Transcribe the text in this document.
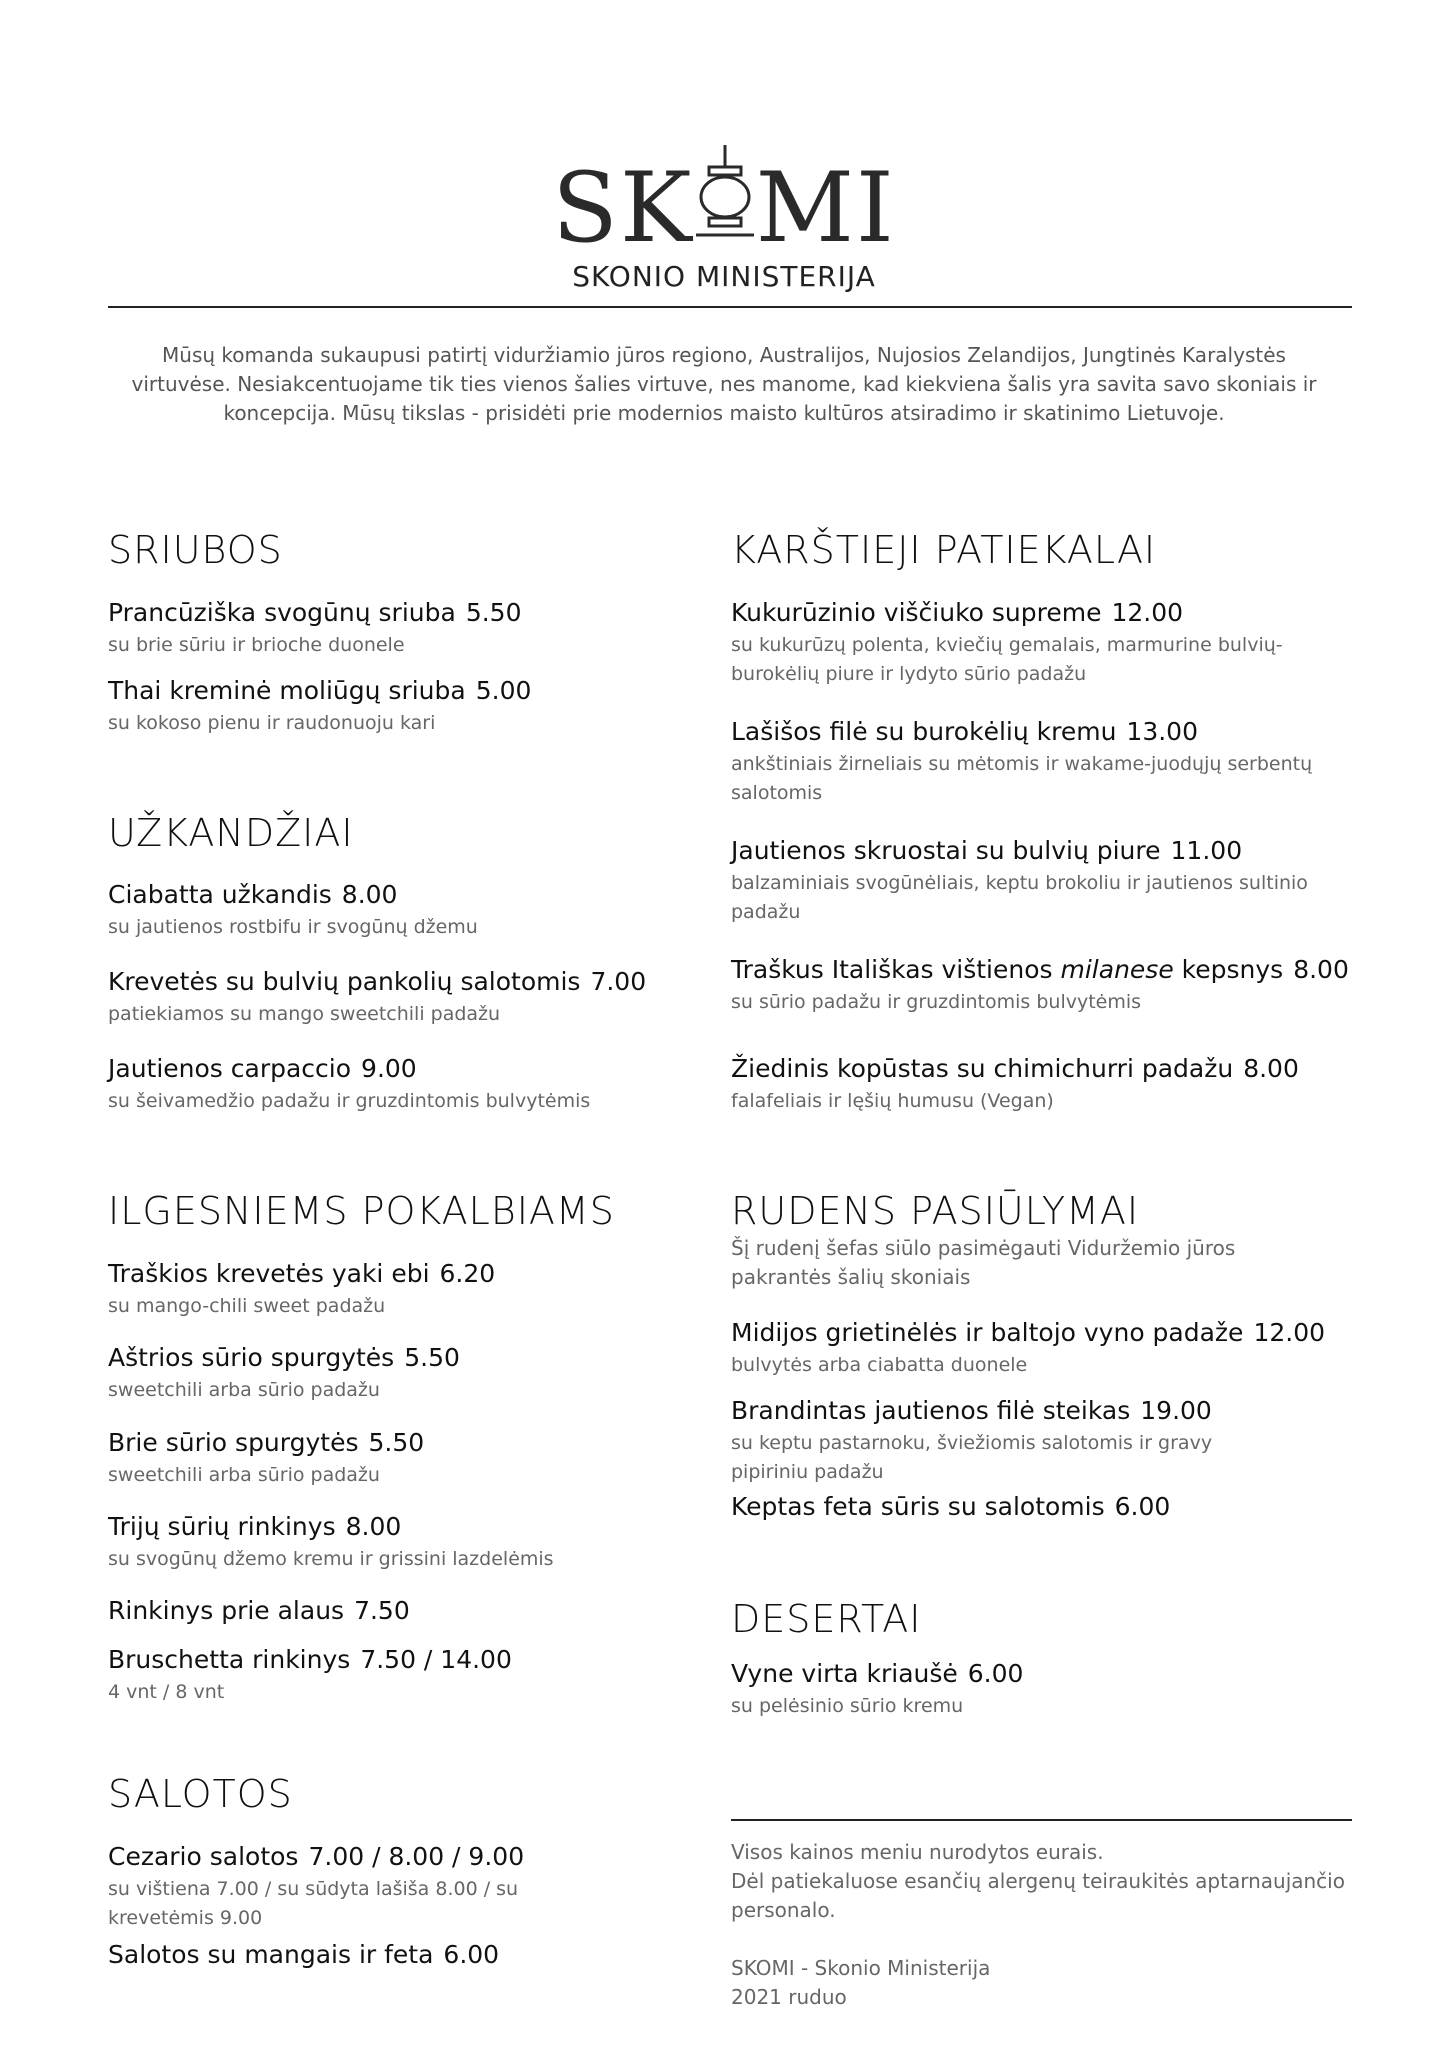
SK MI
SKONIO MINISTERIJA
Mūsų komanda sukaupusi patirtį viduržiamio jūros regiono, Australijos, Nujosios Zelandijos, Jungtinės Karalystės virtuvėse. Nesiakcentuojame tik ties vienos šalies virtuve, nes manome, kad kiekviena šalis yra savita savo skoniais ir koncepcija. Mūsų tikslas - prisidėti prie modernios maisto kultūros atsiradimo ir skatinimo Lietuvoje.
SRIUBOS
Prancūziška svogūnų sriuba 5.50
su brie sūriu ir brioche duonele
Thai kreminė moliūgų sriuba 5.00
su kokoso pienu ir raudonuoju kari
UŽKANDŽIAI
Ciabatta užkandis 8.00
su jautienos rostbifu ir svogūnų džemu
Krevetės su bulvių pankolių salotomis 7.00
patiekiamos su mango sweetchili padažu
Jautienos carpaccio 9.00
su šeivamedžio padažu ir gruzdintomis bulvytėmis
ILGESNIEMS POKALBIAMS
Traškios krevetės yaki ebi 6.20
su mango-chili sweet padažu
Aštrios sūrio spurgytės 5.50
sweetchili arba sūrio padažu
Brie sūrio spurgytės 5.50
sweetchili arba sūrio padažu
Trijų sūrių rinkinys 8.00
su svogūnų džemo kremu ir grissini lazdelėmis
Rinkinys prie alaus 7.50
Bruschetta rinkinys 7.50 / 14.00
4 vnt / 8 vnt
SALOTOS
Cezario salotos 7.00 / 8.00 / 9.00
su vištiena 7.00 / su sūdyta lašiša 8.00 / su krevetėmis 9.00
Salotos su mangais ir feta 6.00
KARŠTIEJI PATIEKALAI
Kukurūzinio viščiuko supreme 12.00
su kukurūzų polenta, kviečių gemalais, marmurine bulvių-burokėlių piure ir lydyto sūrio padažu
Lašišos filė su burokėlių kremu 13.00
ankštiniais žirneliais su mėtomis ir wakame-juodųjų serbentų salotomis
Jautienos skruostai su bulvių piure 11.00
balzaminiais svogūnėliais, keptu brokoliu ir jautienos sultinio padažu
Traškus Itališkas vištienos milanese kepsnys 8.00
su sūrio padažu ir gruzdintomis bulvytėmis
Žiedinis kopūstas su chimichurri padažu 8.00
falafeliais ir lęšių humusu (Vegan)
RUDENS PASIŪLYMAI
Šį rudenį šefas siūlo pasimėgauti Viduržemio jūros pakrantės šalių skoniais
Midijos grietinėlės ir baltojo vyno padaže 12.00
bulvytės arba ciabatta duonele
Brandintas jautienos filė steikas 19.00
su keptu pastarnoku, šviežiomis salotomis ir gravy pipiriniu padažu
Keptas feta sūris su salotomis 6.00
DESERTAI
Vyne virta kriaušė 6.00
su pelėsinio sūrio kremu

Visos kainos meniu nurodytos eurais.

Dėl patiekaluose esančių alergenų teiraukitės aptarnaujančio personalo.

SKOMI - Skonio Ministerija

2021 ruduo
